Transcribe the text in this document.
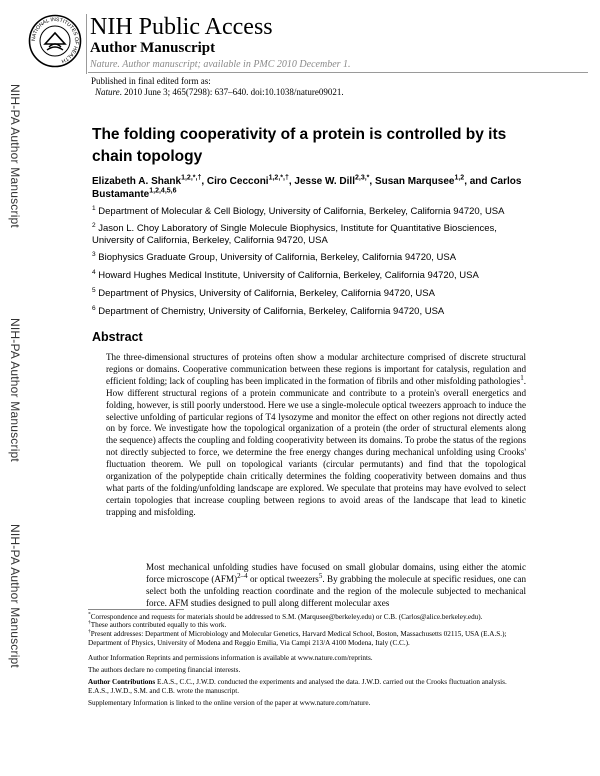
NATIONAL INSTITUTES OF HEALTH
NIH Public Access
Author Manuscript
Nature. Author manuscript; available in PMC 2010 December 1.
Published in final edited form as:
Nature. 2010 June 3; 465(7298): 637–640. doi:10.1038/nature09021.
NIH-PA Author Manuscript
NIH-PA Author Manuscript
NIH-PA Author Manuscript
The folding cooperativity of a protein is controlled by its chain topology
Elizabeth A. Shank$^{1,2,*,\dagger}$, Ciro Cecconi$^{1,2,*,\dagger}$, Jesse W. Dill$^{2,3,*}$, Susan Marqusee$^{1,2}$, and Carlos Bustamante$^{1,2,4,5,6}$
$^1$ Department of Molecular & Cell Biology, University of California, Berkeley, California 94720, USA
$^2$ Jason L. Choy Laboratory of Single Molecule Biophysics, Institute for Quantitative Biosciences, University of California, Berkeley, California 94720, USA
$^3$ Biophysics Graduate Group, University of California, Berkeley, California 94720, USA
$^4$ Howard Hughes Medical Institute, University of California, Berkeley, California 94720, USA
$^5$ Department of Physics, University of California, Berkeley, California 94720, USA
$^6$ Department of Chemistry, University of California, Berkeley, California 94720, USA
Abstract
The three-dimensional structures of proteins often show a modular architecture comprised of discrete structural regions or domains. Cooperative communication between these regions is important for catalysis, regulation and efficient folding; lack of coupling has been implicated in the formation of fibrils and other misfolding pathologies$^1$. How different structural regions of a protein communicate and contribute to a protein's overall energetics and folding, however, is still poorly understood. Here we use a single-molecule optical tweezers approach to induce the selective unfolding of particular regions of T4 lysozyme and monitor the effect on other regions not directly acted on by force. We investigate how the topological organization of a protein (the order of structural elements along the sequence) affects the coupling and folding cooperativity between its domains. To probe the status of the regions not directly subjected to force, we determine the free energy changes during mechanical unfolding using Crooks' fluctuation theorem. We pull on topological variants (circular permutants) and find that the topological organization of the polypeptide chain critically determines the folding cooperativity between domains and thus what parts of the folding/unfolding landscape are explored. We speculate that proteins may have evolved to select certain topologies that increase coupling between regions to avoid areas of the landscape that lead to kinetic trapping and misfolding.
Most mechanical unfolding studies have focused on small globular domains, using either the atomic force microscope (AFM)$^{2-4}$ or optical tweezers$^5$. By grabbing the molecule at specific residues, one can select both the unfolding reaction coordinate and the region of the molecule subjected to mechanical force. AFM studies designed to pull along different molecular axes
*Correspondence and requests for materials should be addressed to S.M. (Marqusee@berkeley.edu) or C.B. (Carlos@alice.berkeley.edu).
†These authors contributed equally to this work.
†Present addresses: Department of Microbiology and Molecular Genetics, Harvard Medical School, Boston, Massachusetts 02115, USA (E.A.S.); Department of Physics, University of Modena and Reggio Emilia, Via Campi 213/A 4100 Modena, Italy (C.C.).
Author Information Reprints and permissions information is available at www.nature.com/reprints.
The authors declare no competing financial interests.
Author Contributions E.A.S., C.C., J.W.D. conducted the experiments and analysed the data. J.W.D. carried out the Crooks fluctuation analysis. E.A.S., J.W.D., S.M. and C.B. wrote the manuscript.
Supplementary Information is linked to the online version of the paper at www.nature.com/nature.
